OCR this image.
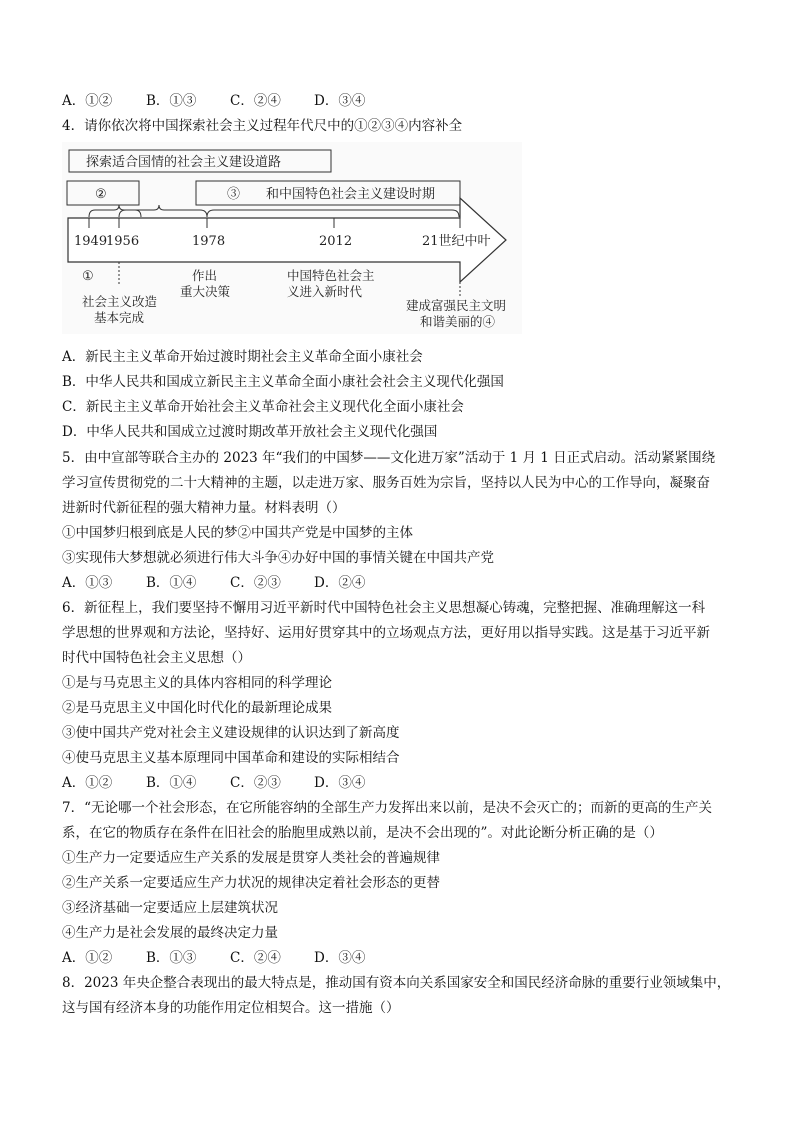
A．①②	B．①③ C．②④ D．③④
4．请你依次将中国探索社会主义过程年代尺中的①②③④内容补全
探索适合国情的社会主义建设道路
②	③　　和中国特色社会主义建设时期
1949
1956	1978	2012	21世纪中叶
①
社会主义改造
基本完成
作出
重大决策
中国特色社会主
义进入新时代
建成富强民主文明
和谐美丽的④
A．新民主主义革命开始过渡时期社会主义革命全面小康社会
B．中华人民共和国成立新民主主义革命全面小康社会社会主义现代化强国
C．新民主主义革命开始社会主义革命社会主义现代化全面小康社会
D．中华人民共和国成立过渡时期改革开放社会主义现代化强国
5．由中宣部等联合主办的 2023 年“我们的中国梦——文化进万家”活动于 1 月 1 日正式启动。活动紧紧围绕
学习宣传贯彻党的二十大精神的主题，以走进万家、服务百姓为宗旨，坚持以人民为中心的工作导向，凝聚奋
进新时代新征程的强大精神力量。材料表明（）
①中国梦归根到底是人民的梦②中国共产党是中国梦的主体
③实现伟大梦想就必须进行伟大斗争④办好中国的事情关键在中国共产党
A．①③	B．①④ C．②③ D．②④
6．新征程上，我们要坚持不懈用习近平新时代中国特色社会主义思想凝心铸魂，完整把握、准确理解这一科
学思想的世界观和方法论，坚持好、运用好贯穿其中的立场观点方法，更好用以指导实践。这是基于习近平新
时代中国特色社会主义思想（）
①是与马克思主义的具体内容相同的科学理论
②是马克思主义中国化时代化的最新理论成果
③使中国共产党对社会主义建设规律的认识达到了新高度
④使马克思主义基本原理同中国革命和建设的实际相结合
A．①②	B．①④ C．②③ D．③④
7．“无论哪一个社会形态，在它所能容纳的全部生产力发挥出来以前，是决不会灭亡的；而新的更高的生产关
系，在它的物质存在条件在旧社会的胎胞里成熟以前，是决不会出现的”。对此论断分析正确的是（）
①生产力一定要适应生产关系的发展是贯穿人类社会的普遍规律
②生产关系一定要适应生产力状况的规律决定着社会形态的更替
③经济基础一定要适应上层建筑状况
④生产力是社会发展的最终决定力量
A．①②	B．①③ C．②④ D．③④
8．2023 年央企整合表现出的最大特点是，推动国有资本向关系国家安全和国民经济命脉的重要行业领域集中，
这与国有经济本身的功能作用定位相契合。这一措施（）
